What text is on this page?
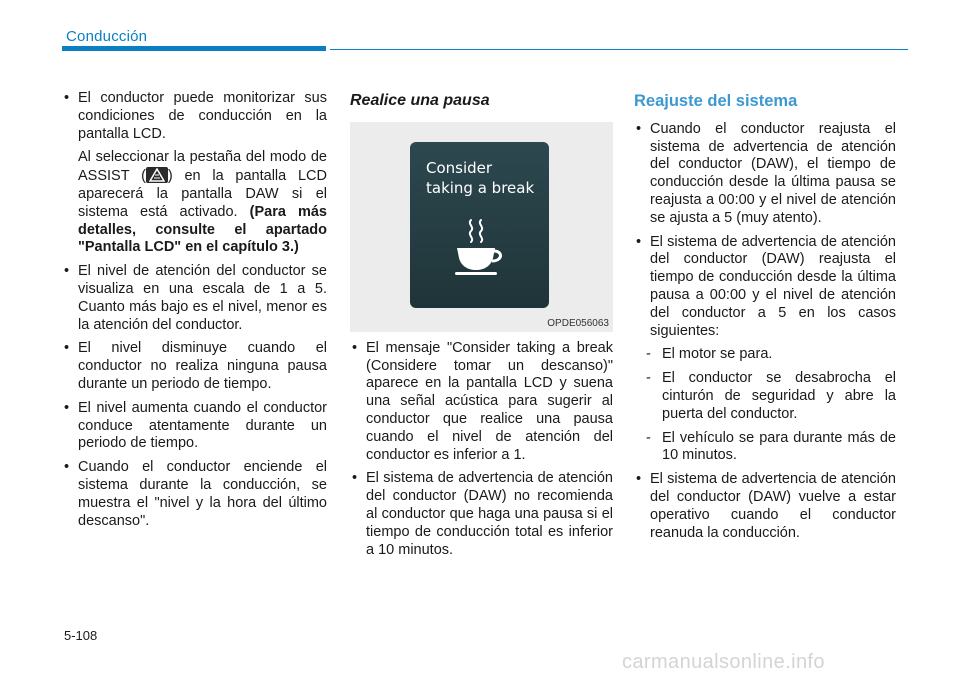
Conducción
• El conductor puede monitorizar sus condiciones de conducción en la pantalla LCD.
Al seleccionar la pestaña del modo de ASSIST ( ) en la pantalla LCD aparecerá la pantalla DAW si el sistema está activado. (Para más detalles, consulte el apartado "Pantalla LCD" en el capítulo 3.)
• El nivel de atención del conductor se visualiza en una escala de 1 a 5. Cuanto más bajo es el nivel, menor es la atención del conductor.
• El nivel disminuye cuando el conductor no realiza ninguna pausa durante un periodo de tiempo.
• El nivel aumenta cuando el conductor conduce atentamente durante un periodo de tiempo.
• Cuando el conductor enciende el sistema durante la conducción, se muestra el "nivel y la hora del último descanso".
Realice una pausa
Consider
taking a break
OPDE056063
• El mensaje "Consider taking a break (Considere tomar un descanso)" aparece en la pantalla LCD y suena una señal acústica para sugerir al conductor que realice una pausa cuando el nivel de atención del conductor es inferior a 1.
• El sistema de advertencia de atención del conductor (DAW) no recomienda al conductor que haga una pausa si el tiempo de conducción total es inferior a 10 minutos.
Reajuste del sistema
• Cuando el conductor reajusta el sistema de advertencia de atención del conductor (DAW), el tiempo de conducción desde la última pausa se reajusta a 00:00 y el nivel de atención se ajusta a 5 (muy atento).
• El sistema de advertencia de atención del conductor (DAW) reajusta el tiempo de conducción desde la última pausa a 00:00 y el nivel de atención del conductor a 5 en los casos siguientes:
- El motor se para.
- El conductor se desabrocha el cinturón de seguridad y abre la puerta del conductor.
- El vehículo se para durante más de 10 minutos.
• El sistema de advertencia de atención del conductor (DAW) vuelve a estar operativo cuando el conductor reanuda la conducción.
5-108
carmanualsonline.info
